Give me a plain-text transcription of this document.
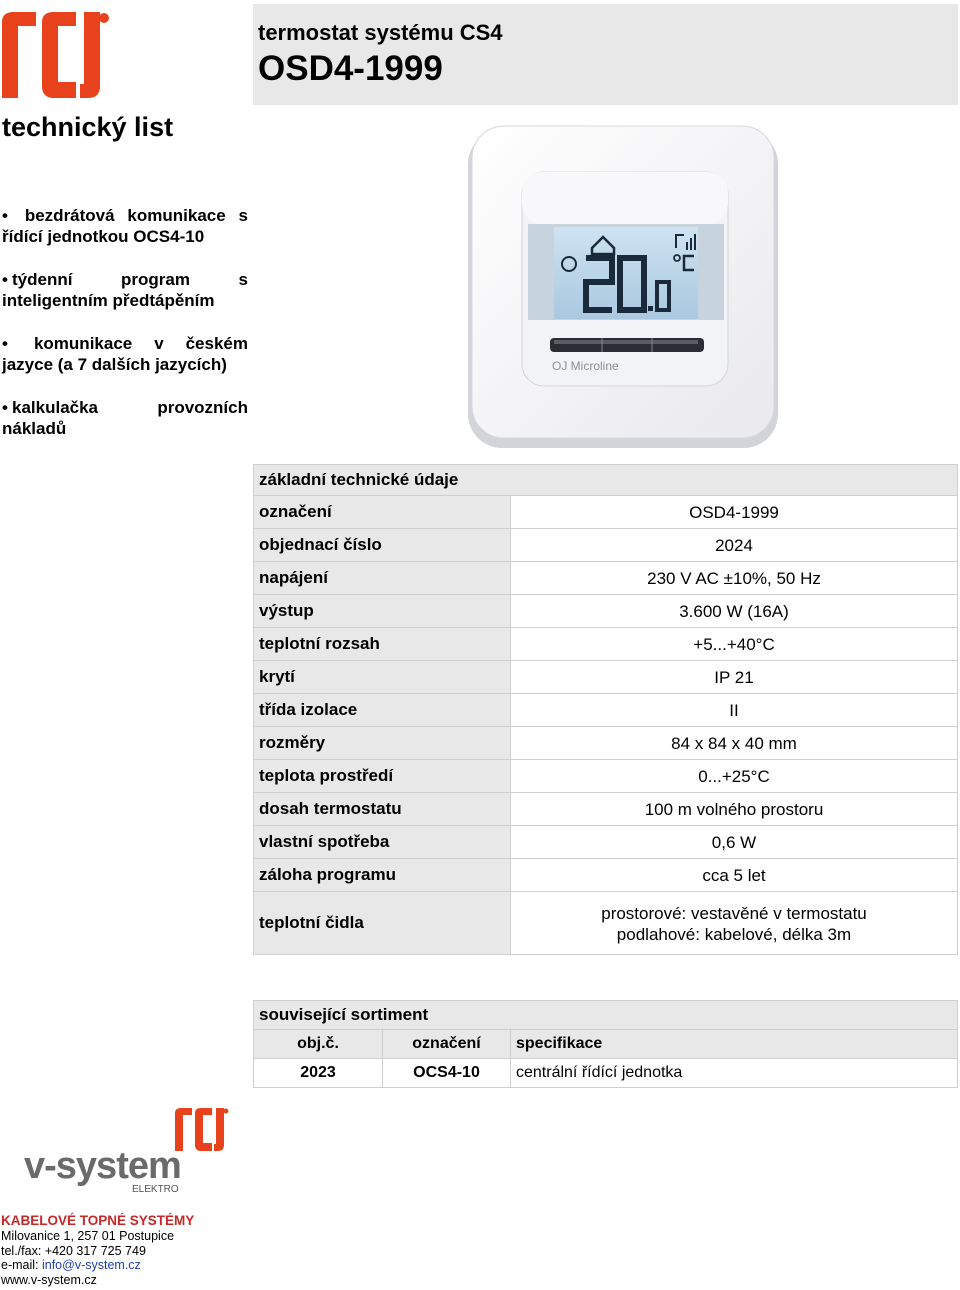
termostat systému CS4
OSD4-1999
technický list
• bezdrátová komunikace s řídící jednotkou OCS4-10
• týdenní program s inteligentním předtápěním
• komunikace v českém jazyce (a 7 dalších jazycích)
• kalkulačka provozních nákladů
OJ Microline
základní technické údaje	
označení	OSD4-1999
objednací číslo	2024
napájení	230 V AC ±10%, 50 Hz
výstup	3.600 W (16A)
teplotní rozsah	+5...+40°C
krytí	IP 21
třída izolace	II
rozměry	84 x 84 x 40 mm
teplota prostředí	0...+25°C
dosah termostatu	100 m volného prostoru
vlastní spotřeba	0,6 W
záloha programu	cca 5 let
teplotní čidla	prostorové: vestavěné v termostatu
podlahové: kabelové, délka 3m
související sortiment		
obj.č.	označení	specifikace
2023	OCS4-10	centrální řídící jednotka
v-system
ELEKTRO
KABELOVÉ TOPNÉ SYSTÉMY
Milovanice 1, 257 01 Postupice
tel./fax: +420 317 725 749
e-mail: info@v-system.cz
www.v-system.cz
